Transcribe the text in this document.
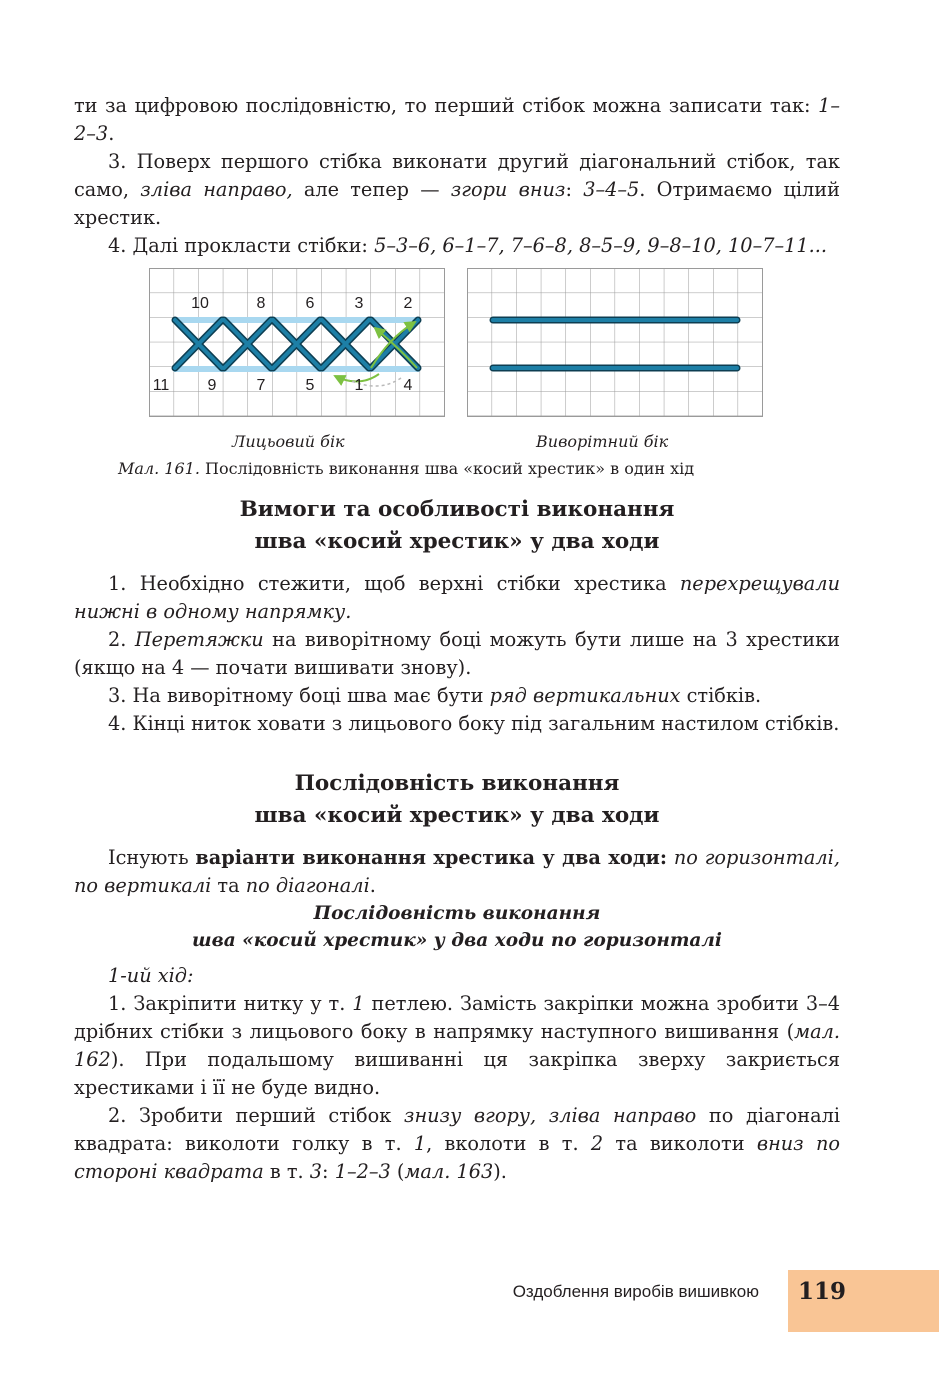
ти за цифровою послідовністю, то перший стібок можна записати так: 1–2–3.

3. Поверх першого стібка виконати другий діагональний стібок, так само, зліва направо, але тепер — згори вниз: 3–4–5. Отримаємо цілий хрестик.

4. Далі прокласти стібки: 5–3–6, 6–1–7, 7–6–8, 8–5–9, 9–8–10, 10–7–11...

10	8	6	3	2
11 9	7	5	1	4
Лицьовий бік	Виворітний бік

Мал. 161. Послідовність виконання шва «косий хрестик» в один хід

Вимоги та особливості виконання
шва «косий хрестик» у два ходи

1. Необхідно стежити, щоб верхні стібки хрестика перехрещували нижні в одному напрямку.

2. Перетяжки на виворітному боці можуть бути лише на 3 хрестики (якщо на 4 — почати вишивати знову).

3. На виворітному боці шва має бути ряд вертикальних стібків.

4. Кінці ниток ховати з лицьового боку під загальним настилом стібків.

Послідовність виконання
шва «косий хрестик» у два ходи

Існують варіанти виконання хрестика у два ходи: по горизонталі, по вертикалі та по діагоналі.

Послідовність виконання
шва «косий хрестик» у два ходи по горизонталі

1-ий хід:

1. Закріпити нитку у т. 1 петлею. Замість закріпки можна зробити 3–4 дрібних стібки з лицьового боку в напрямку наступного вишивання (мал. 162). При подальшому вишиванні ця закріпка зверху закриється хрестиками і її не буде видно.

2. Зробити перший стібок знизу вгору, зліва направо по діагоналі квадрата: виколоти голку в т. 1, вколоти в т. 2 та виколоти вниз по стороні квадрата в т. 3: 1–2–3 (мал. 163).

Оздоблення виробів вишивкою 119
